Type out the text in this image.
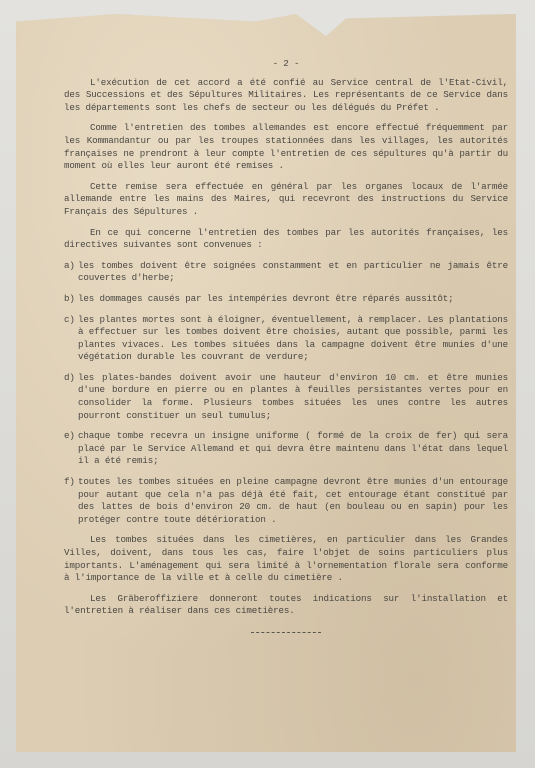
- 2 -

L'exécution de cet accord a été confié au Service central de l'Etat-Civil, des Successions et des Sépultures Militaires. Les représentants de ce Service dans les départements sont les chefs de secteur ou les délégués du Préfet .

Comme l'entretien des tombes allemandes est encore effectué fréquemment par les Kommandantur ou par les troupes stationnées dans les villages, les autorités françaises ne prendront à leur compte l'entretien de ces sépultures qu'à partir du moment où elles leur auront été remises .

Cette remise sera effectuée en général par les organes locaux de l'armée allemande entre les mains des Maires, qui recevront des instructions du Service Français des Sépultures .

En ce qui concerne l'entretien des tombes par les autorités françaises, les directives suivantes sont convenues :

a) les tombes doivent être soignées constamment et en particulier ne jamais être couvertes d'herbe;
b) les dommages causés par les intempéries devront être réparés aussitôt;
c) les plantes mortes sont à éloigner, éventuellement, à remplacer. Les plantations à effectuer sur les tombes doivent être choisies, autant que possible, parmi les plantes vivaces. Les tombes situées dans la campagne doivent être munies d'une végétation durable les couvrant de verdure;
d) les plates-bandes doivent avoir une hauteur d'environ 10 cm. et être munies d'une bordure en pierre ou en plantes à feuilles persistantes vertes pour en consolider la forme. Plusieurs tombes situées les unes contre les autres pourront constituer un seul tumulus;
e) chaque tombe recevra un insigne uniforme ( formé de la croix de fer) qui sera placé par le Service Allemand et qui devra être maintenu dans l'état dans lequel il a été remis;
f) toutes les tombes situées en pleine campagne devront être munies d'un entourage pour autant que cela n'a pas déjà été fait, cet entourage étant constitué par des lattes de bois d'environ 20 cm. de haut (en bouleau ou en sapin) pour les protéger contre toute détérioration .

Les tombes situées dans les cimetières, en particulier dans les Grandes Villes, doivent, dans tous les cas, faire l'objet de soins particuliers plus importants. L'aménagement qui sera limité à l'ornementation florale sera conforme à l'importance de la ville et à celle du cimetière .

Les Gräberoffiziere donneront toutes indications sur l'installation et l'entretien à réaliser dans ces cimetières.
